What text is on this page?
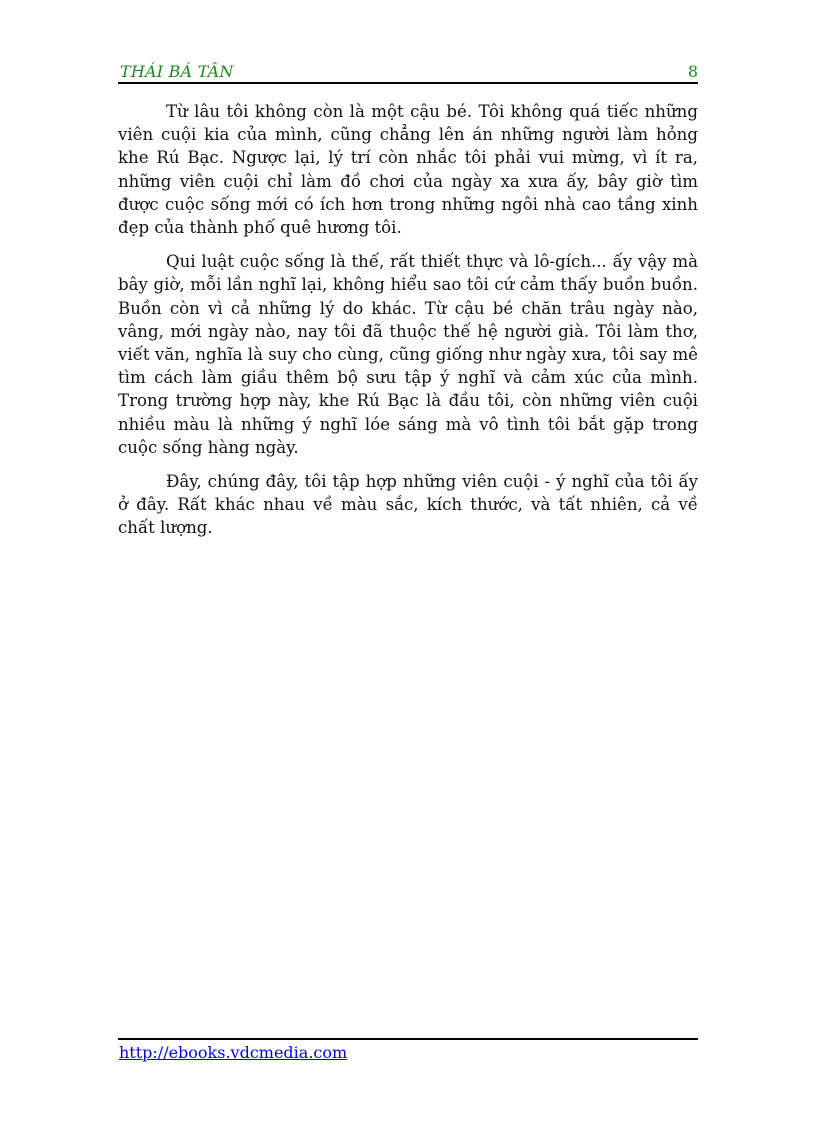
THÁI BÁ TÂN	8

Từ lâu tôi không còn là một cậu bé. Tôi không quá tiếc những viên cuội kia của mình, cũng chẳng lên án những người làm hỏng khe Rú Bạc. Ngược lại, lý trí còn nhắc tôi phải vui mừng, vì ít ra, những viên cuội chỉ làm đồ chơi của ngày xa xưa ấy, bây giờ tìm được cuộc sống mới có ích hơn trong những ngôi nhà cao tầng xinh đẹp của thành phố quê hương tôi.

Qui luật cuộc sống là thế, rất thiết thực và lô-gích... ấy vậy mà bây giờ, mỗi lần nghĩ lại, không hiểu sao tôi cứ cảm thấy buồn buồn. Buồn còn vì cả những lý do khác. Từ cậu bé chăn trâu ngày nào, vâng, mới ngày nào, nay tôi đã thuộc thế hệ người già. Tôi làm thơ, viết văn, nghĩa là suy cho cùng, cũng giống như ngày xưa, tôi say mê tìm cách làm giầu thêm bộ sưu tập ý nghĩ và cảm xúc của mình. Trong trường hợp này, khe Rú Bạc là đầu tôi, còn những viên cuội nhiều màu là những ý nghĩ lóe sáng mà vô tình tôi bắt gặp trong cuộc sống hàng ngày.

Đây, chúng đây, tôi tập hợp những viên cuội - ý nghĩ của tôi ấy ở đây. Rất khác nhau về màu sắc, kích thước, và tất nhiên, cả về chất lượng.

http://ebooks.vdcmedia.com
